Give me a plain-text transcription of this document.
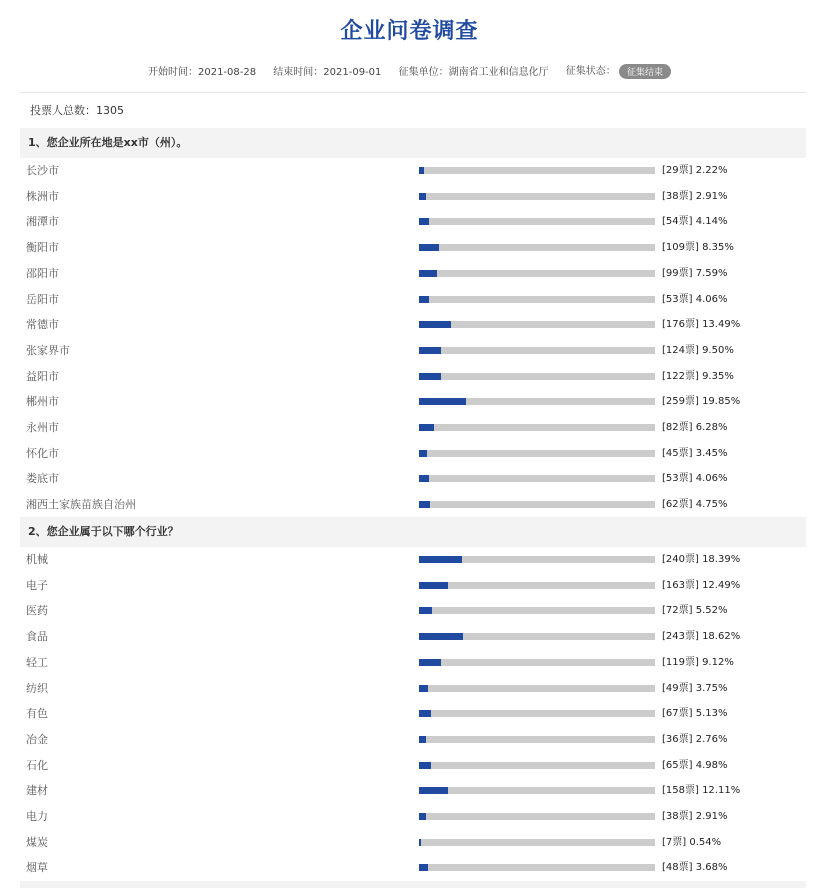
企业问卷调查
开始时间：2021-08-28 结束时间：2021-09-01 征集单位：湖南省工业和信息化厅 征集状态： 征集结束
投票人总数：1305
1、您企业所在地是xx市（州）。
长沙市	[29票] 2.22%
株洲市	[38票] 2.91%
湘潭市	[54票] 4.14%
衡阳市	[109票] 8.35%
邵阳市	[99票] 7.59%
岳阳市	[53票] 4.06%
常德市	[176票] 13.49%
张家界市	[124票] 9.50%
益阳市	[122票] 9.35%
郴州市	[259票] 19.85%
永州市	[82票] 6.28%
怀化市	[45票] 3.45%
娄底市	[53票] 4.06%
湘西土家族苗族自治州	[62票] 4.75%
2、您企业属于以下哪个行业？
机械	[240票] 18.39%
电子	[163票] 12.49%
医药	[72票] 5.52%
食品	[243票] 18.62%
轻工	[119票] 9.12%
纺织	[49票] 3.75%
有色	[67票] 5.13%
冶金	[36票] 2.76%
石化	[65票] 4.98%
建材	[158票] 12.11%
电力	[38票] 2.91%
煤炭	[7票] 0.54%
烟草	[48票] 3.68%
